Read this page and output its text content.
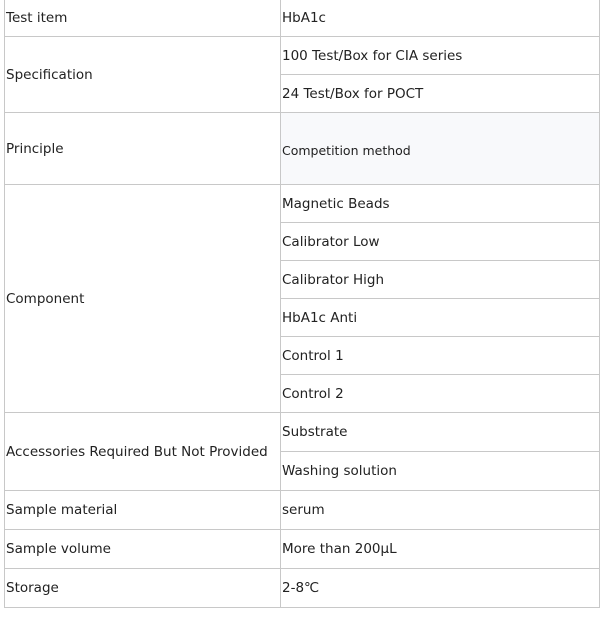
Test item	HbA1c
Specification	100 Test/Box for CIA series
	24 Test/Box for POCT
Principle	Competition method
Component	Magnetic Beads
	Calibrator Low
	Calibrator High
	HbA1c Anti
	Control 1
	Control 2
Accessories Required But Not Provided	Substrate
	Washing solution
Sample material	serum
Sample volume	More than 200μL
Storage	2-8℃
